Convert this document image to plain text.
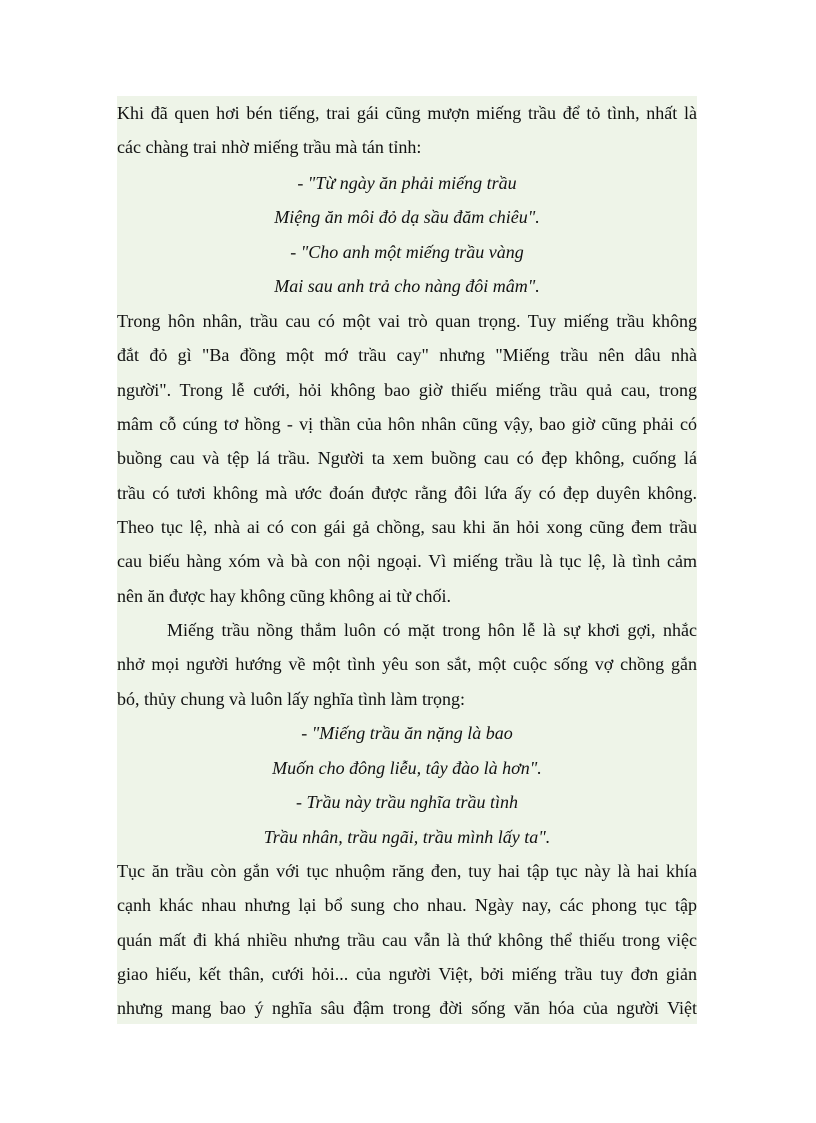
Khi đã quen hơi bén tiếng, trai gái cũng mượn miếng trầu để tỏ tình, nhất là
các chàng trai nhờ miếng trầu mà tán tỉnh:
- "Từ ngày ăn phải miếng trầu
Miệng ăn môi đỏ dạ sầu đăm chiêu".
- "Cho anh một miếng trầu vàng
Mai sau anh trả cho nàng đôi mâm".
Trong hôn nhân, trầu cau có một vai trò quan trọng. Tuy miếng trầu không
đắt đỏ gì "Ba đồng một mớ trầu cay" nhưng "Miếng trầu nên dâu nhà
người". Trong lễ cưới, hỏi không bao giờ thiếu miếng trầu quả cau, trong
mâm cỗ cúng tơ hồng - vị thần của hôn nhân cũng vậy, bao giờ cũng phải có
buồng cau và tệp lá trầu. Người ta xem buồng cau có đẹp không, cuống lá
trầu có tươi không mà ước đoán được rằng đôi lứa ấy có đẹp duyên không.
Theo tục lệ, nhà ai có con gái gả chồng, sau khi ăn hỏi xong cũng đem trầu
cau biếu hàng xóm và bà con nội ngoại. Vì miếng trầu là tục lệ, là tình cảm
nên ăn được hay không cũng không ai từ chối.
Miếng trầu nồng thắm luôn có mặt trong hôn lễ là sự khơi gợi, nhắc
nhở mọi người hướng về một tình yêu son sắt, một cuộc sống vợ chồng gắn
bó, thủy chung và luôn lấy nghĩa tình làm trọng:
- "Miếng trầu ăn nặng là bao
Muốn cho đông liễu, tây đào là hơn".
- Trầu này trầu nghĩa trầu tình
Trầu nhân, trầu ngãi, trầu mình lấy ta".
Tục ăn trầu còn gắn với tục nhuộm răng đen, tuy hai tập tục này là hai khía
cạnh khác nhau nhưng lại bổ sung cho nhau. Ngày nay, các phong tục tập
quán mất đi khá nhiều nhưng trầu cau vẫn là thứ không thể thiếu trong việc
giao hiếu, kết thân, cưới hỏi... của người Việt, bởi miếng trầu tuy đơn giản
nhưng mang bao ý nghĩa sâu đậm trong đời sống văn hóa của người Việt
